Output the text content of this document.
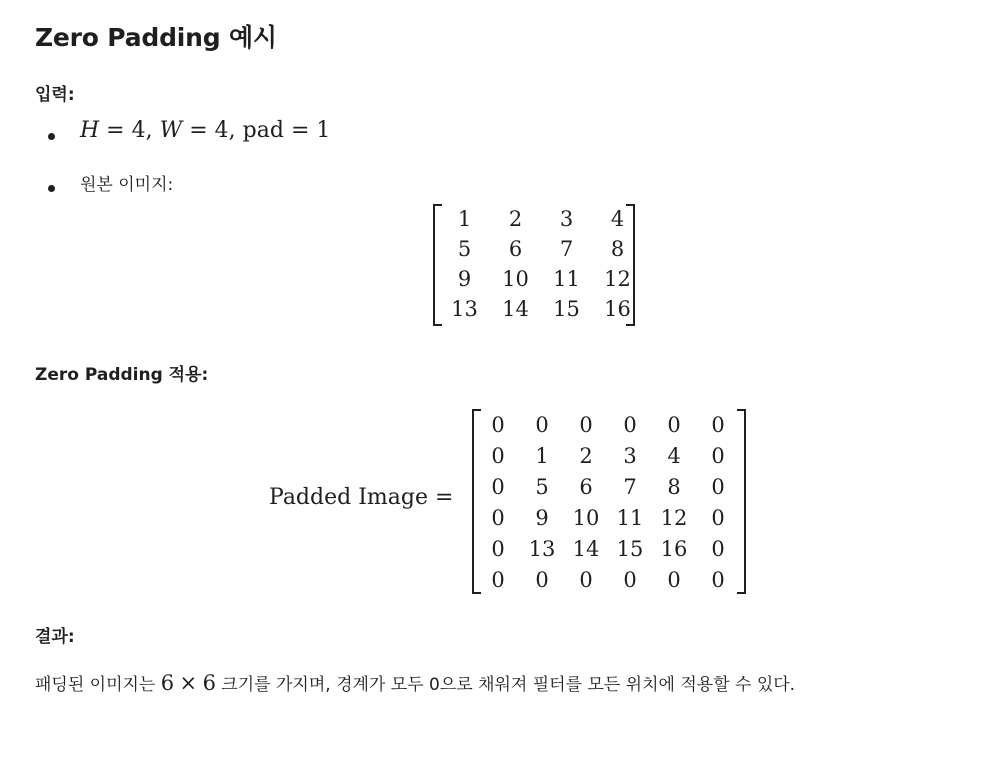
Zero Padding 예시

입력:

H = 4, W = 4, pad = 1
원본 이미지:
1	2	3	4
5	6	7	8
9	10	11	12
13	14	15	16

Zero Padding 적용:

Padded Image =
0	0	0	0	0	0
0	1	2	3	4	0
0	5	6	7	8	0
0	9	10	11	12	0
0	13	14	15	16	0
0	0	0	0	0	0

결과:

패딩된 이미지는 6 × 6 크기를 가지며, 경계가 모두 0으로 채워져 필터를 모든 위치에 적용할 수 있다.
